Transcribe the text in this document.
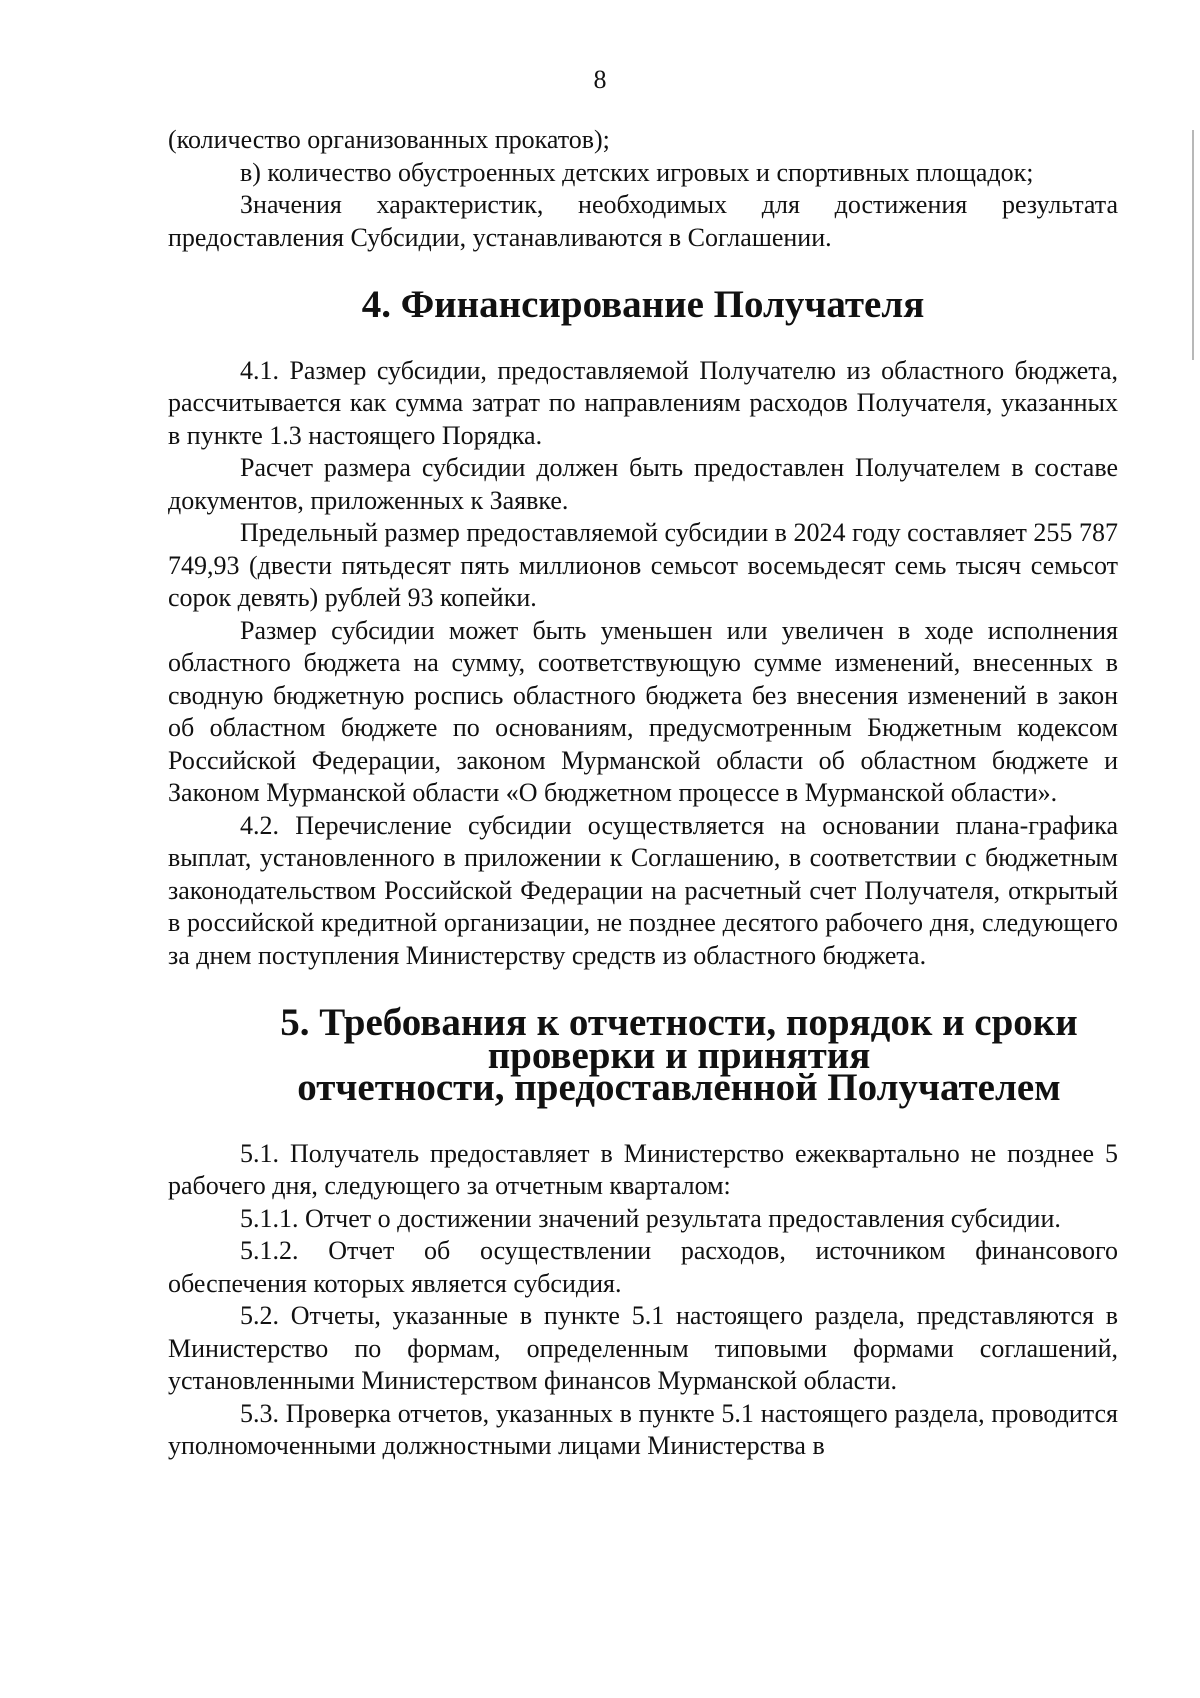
8

(количество организованных прокатов);

в) количество обустроенных детских игровых и спортивных площадок;

Значения характеристик, необходимых для достижения результата предоставления Субсидии, устанавливаются в Соглашении.

4. Финансирование Получателя

4.1. Размер субсидии, предоставляемой Получателю из областного бюджета, рассчитывается как сумма затрат по направлениям расходов Получателя, указанных в пункте 1.3 настоящего Порядка.

Расчет размера субсидии должен быть предоставлен Получателем в составе документов, приложенных к Заявке.

Предельный размер предоставляемой субсидии в 2024 году составляет 255 787 749,93 (двести пятьдесят пять миллионов семьсот восемьдесят семь тысяч семьсот сорок девять) рублей 93 копейки.

Размер субсидии может быть уменьшен или увеличен в ходе исполнения областного бюджета на сумму, соответствующую сумме изменений, внесенных в сводную бюджетную роспись областного бюджета без внесения изменений в закон об областном бюджете по основаниям, предусмотренным Бюджетным кодексом Российской Федерации, законом Мурманской области об областном бюджете и Законом Мурманской области «О бюджетном процессе в Мурманской области».

4.2. Перечисление субсидии осуществляется на основании плана-графика выплат, установленного в приложении к Соглашению, в соответствии с бюджетным законодательством Российской Федерации на расчетный счет Получателя, открытый в российской кредитной организации, не позднее десятого рабочего дня, следующего за днем поступления Министерству средств из областного бюджета.

5. Требования к отчетности, порядок и сроки проверки и принятия
отчетности, предоставленной Получателем

5.1. Получатель предоставляет в Министерство ежеквартально не позднее 5 рабочего дня, следующего за отчетным кварталом:

5.1.1. Отчет о достижении значений результата предоставления субсидии.

5.1.2. Отчет об осуществлении расходов, источником финансового обеспечения которых является субсидия.

5.2. Отчеты, указанные в пункте 5.1 настоящего раздела, представляются в Министерство по формам, определенным типовыми формами соглашений, установленными Министерством финансов Мурманской области.

5.3. Проверка отчетов, указанных в пункте 5.1 настоящего раздела, проводится уполномоченными должностными лицами Министерства в
